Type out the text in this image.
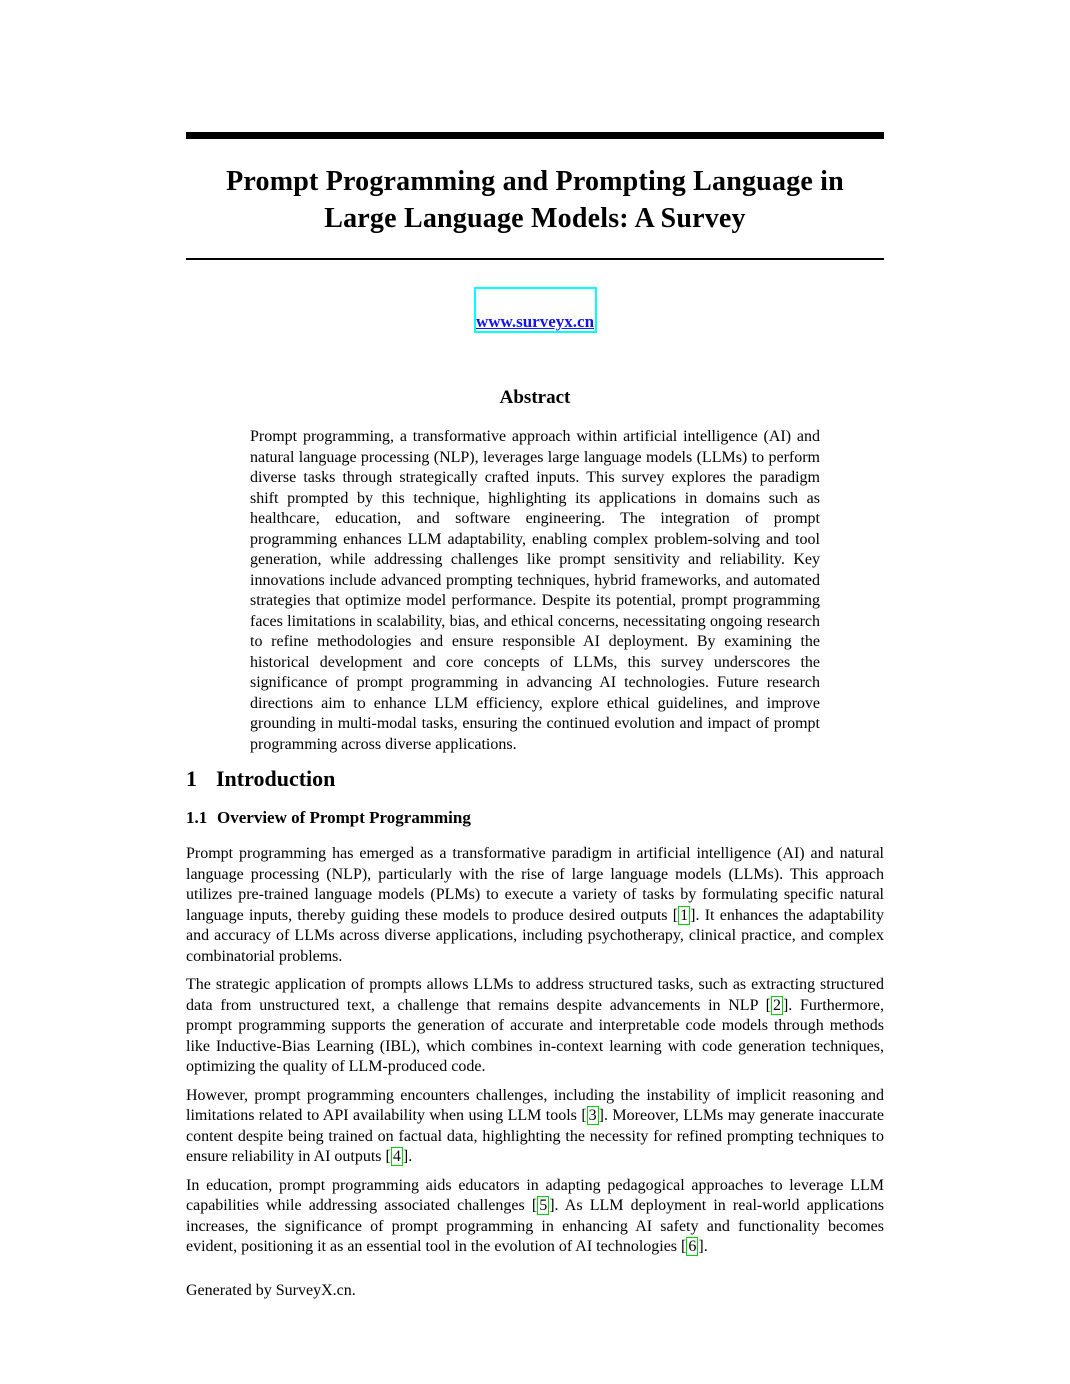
Prompt Programming and Prompting Language in
Large Language Models: A Survey
www.surveyx.cn
Abstract

Prompt programming, a transformative approach within artificial intelligence (AI) and natural language processing (NLP), leverages large language models (LLMs) to perform diverse tasks through strategically crafted inputs. This survey explores the paradigm shift prompted by this technique, highlighting its applications in domains such as healthcare, education, and software engineering. The integration of prompt programming enhances LLM adaptability, enabling complex problem-solving and tool generation, while addressing challenges like prompt sensitivity and reliability. Key innovations include advanced prompting techniques, hybrid frameworks, and automated strategies that optimize model performance. Despite its potential, prompt programming faces limitations in scalability, bias, and ethical concerns, necessitating ongoing research to refine methodologies and ensure responsible AI deployment. By examining the historical development and core concepts of LLMs, this survey underscores the significance of prompt programming in advancing AI technologies. Future research directions aim to enhance LLM efficiency, explore ethical guidelines, and improve grounding in multi-modal tasks, ensuring the continued evolution and impact of prompt programming across diverse applications.

1 Introduction
1.1 Overview of Prompt Programming

Prompt programming has emerged as a transformative paradigm in artificial intelligence (AI) and natural language processing (NLP), particularly with the rise of large language models (LLMs). This approach utilizes pre-trained language models (PLMs) to execute a variety of tasks by formulating specific natural language inputs, thereby guiding these models to produce desired outputs [ 1 ]. It enhances the adaptability and accuracy of LLMs across diverse applications, including psychotherapy, clinical practice, and complex combinatorial problems.

The strategic application of prompts allows LLMs to address structured tasks, such as extracting structured data from unstructured text, a challenge that remains despite advancements in NLP [ 2 ]. Furthermore, prompt programming supports the generation of accurate and interpretable code models through methods like Inductive-Bias Learning (IBL), which combines in-context learning with code generation techniques, optimizing the quality of LLM-produced code.

However, prompt programming encounters challenges, including the instability of implicit reasoning and limitations related to API availability when using LLM tools [ 3 ]. Moreover, LLMs may generate inaccurate content despite being trained on factual data, highlighting the necessity for refined prompting techniques to ensure reliability in AI outputs [ 4 ].

In education, prompt programming aids educators in adapting pedagogical approaches to leverage LLM capabilities while addressing associated challenges [ 5 ]. As LLM deployment in real-world applications increases, the significance of prompt programming in enhancing AI safety and functionality becomes evident, positioning it as an essential tool in the evolution of AI technologies [ 6 ].

Generated by SurveyX.cn.
